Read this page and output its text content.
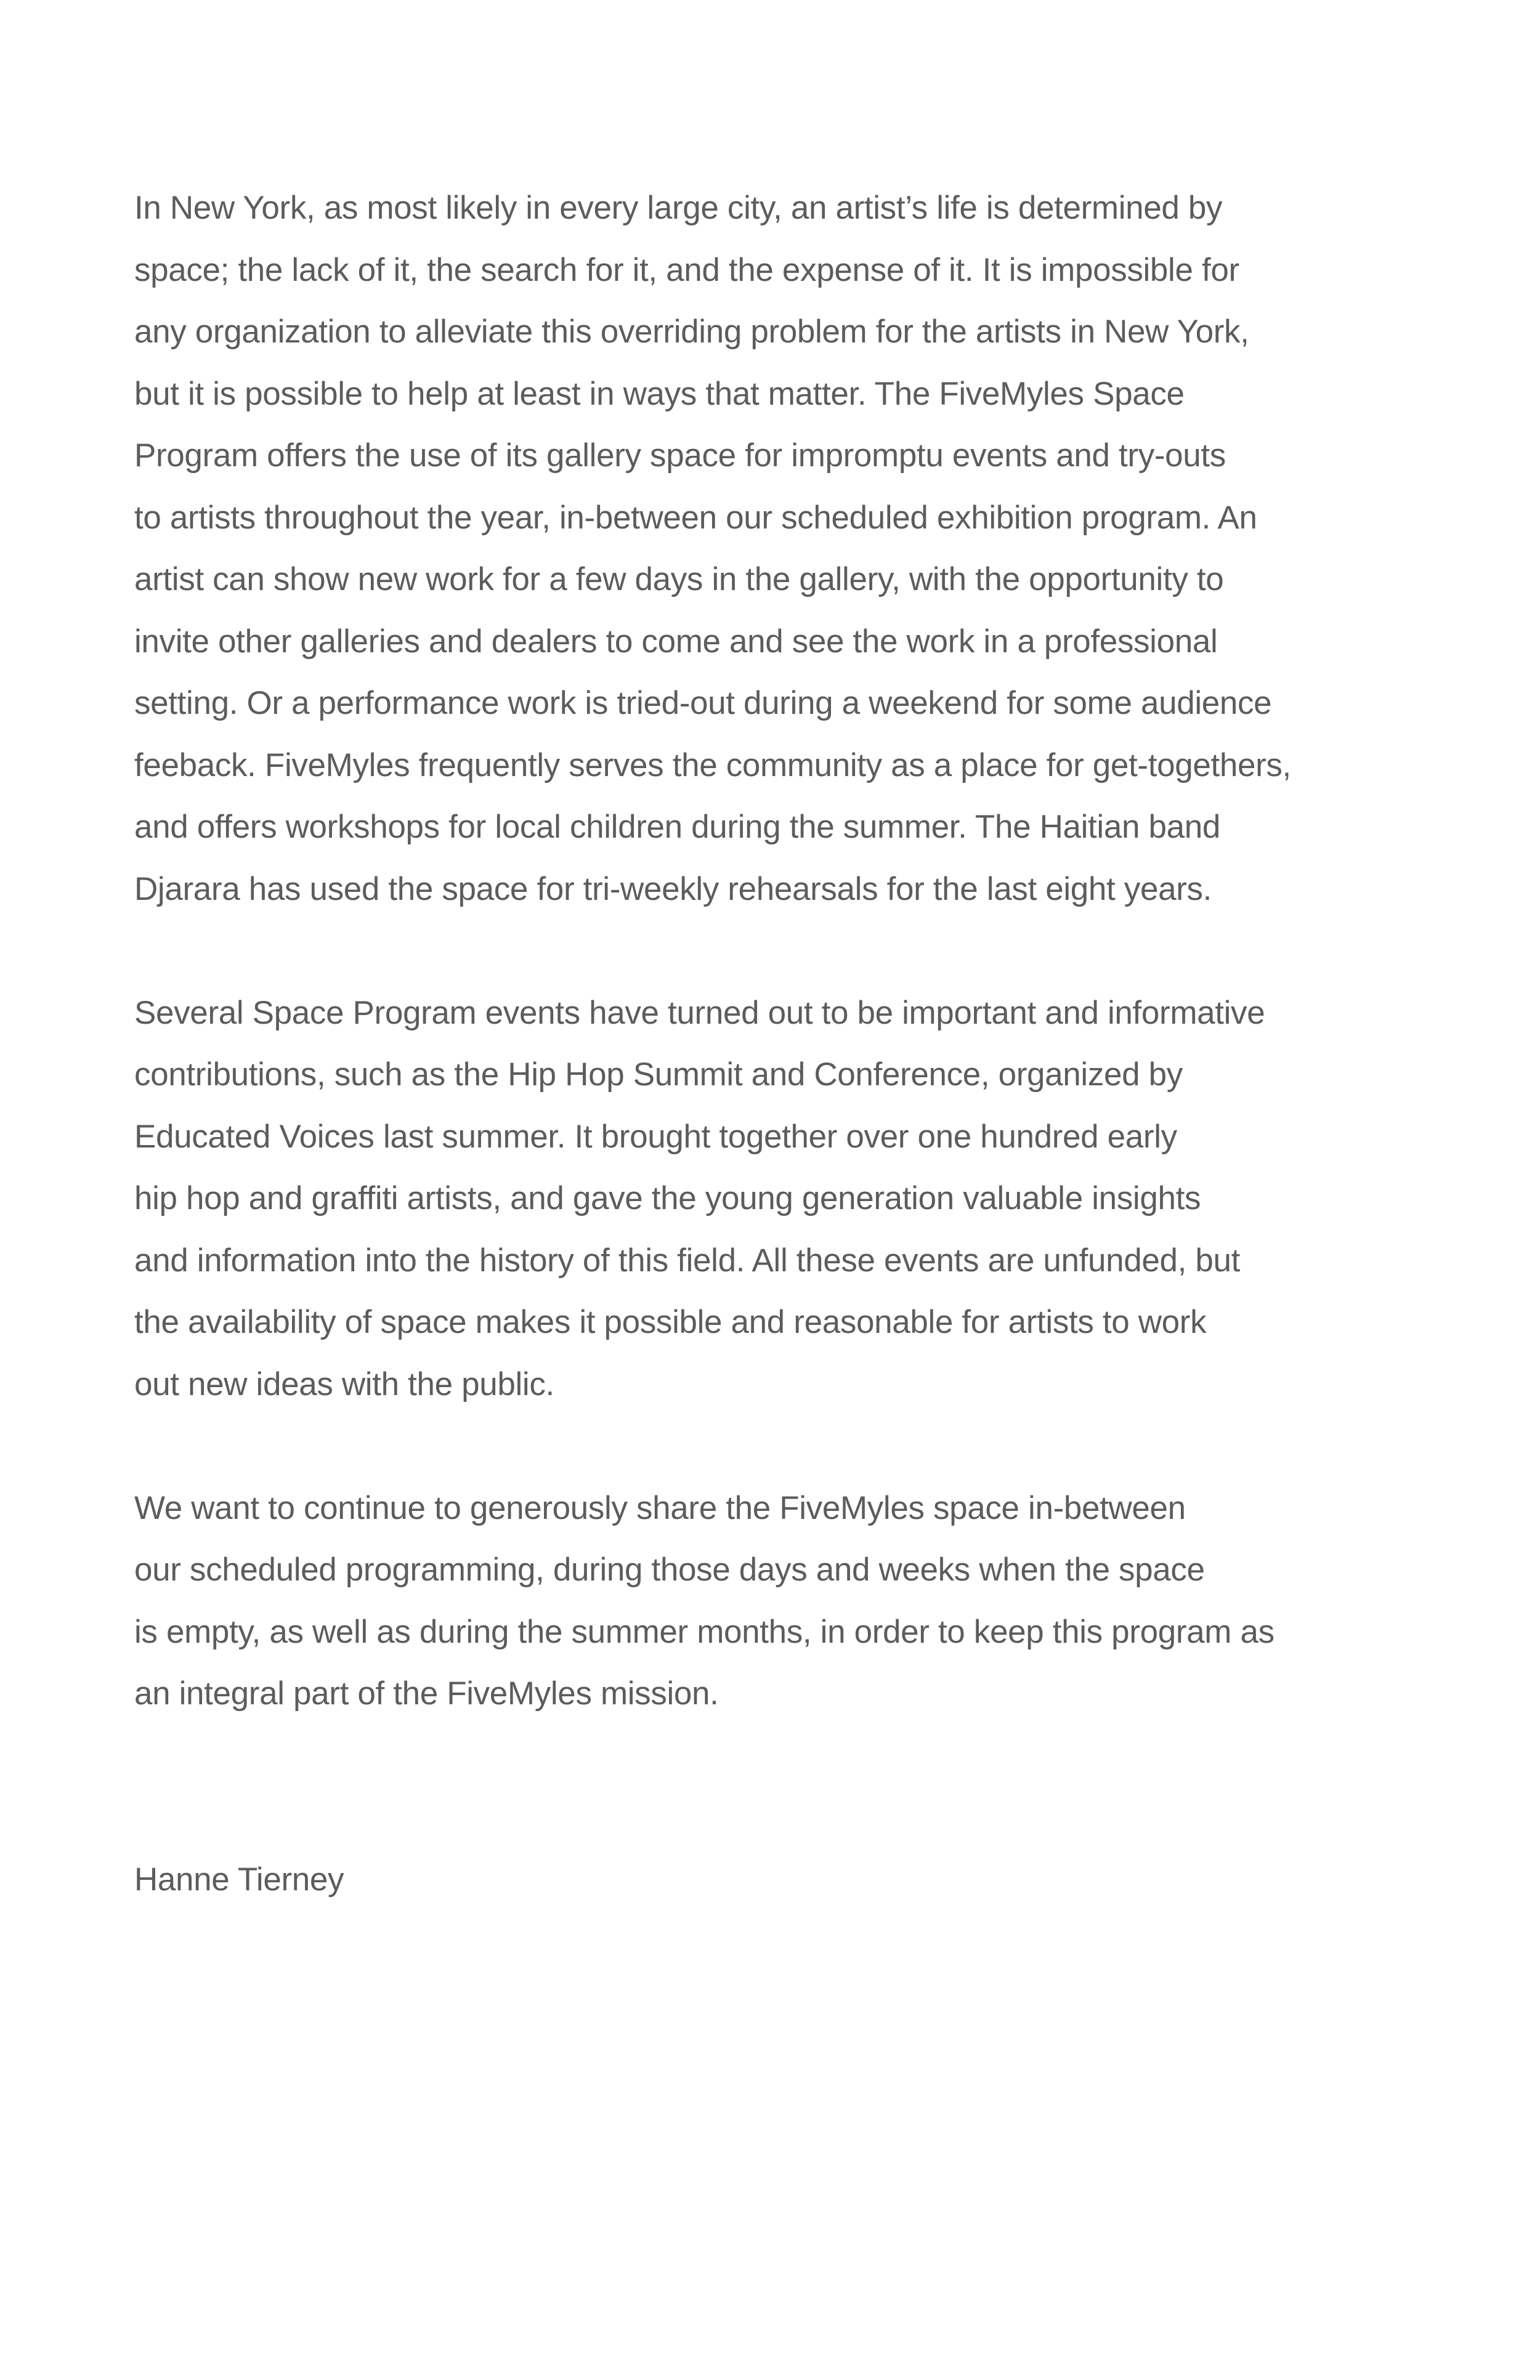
In New York, as most likely in every large city, an artist’s life is determined by
space; the lack of it, the search for it, and the expense of it. It is impossible for
any organization to alleviate this overriding problem for the artists in New York,
but it is possible to help at least in ways that matter. The FiveMyles Space
Program offers the use of its gallery space for impromptu events and try-outs
to artists throughout the year, in-between our scheduled exhibition program. An
artist can show new work for a few days in the gallery, with the opportunity to
invite other galleries and dealers to come and see the work in a professional
setting. Or a performance work is tried-out during a weekend for some audience
feeback. FiveMyles frequently serves the community as a place for get-togethers,
and offers workshops for local children during the summer. The Haitian band
Djarara has used the space for tri-weekly rehearsals for the last eight years.

Several Space Program events have turned out to be important and informative
contributions, such as the Hip Hop Summit and Conference, organized by
Educated Voices last summer. It brought together over one hundred early
hip hop and graffiti artists, and gave the young generation valuable insights
and information into the history of this field. All these events are unfunded, but
the availability of space makes it possible and reasonable for artists to work
out new ideas with the public.

We want to continue to generously share the FiveMyles space in-between
our scheduled programming, during those days and weeks when the space
is empty, as well as during the summer months, in order to keep this program as
an integral part of the FiveMyles mission.

Hanne Tierney
